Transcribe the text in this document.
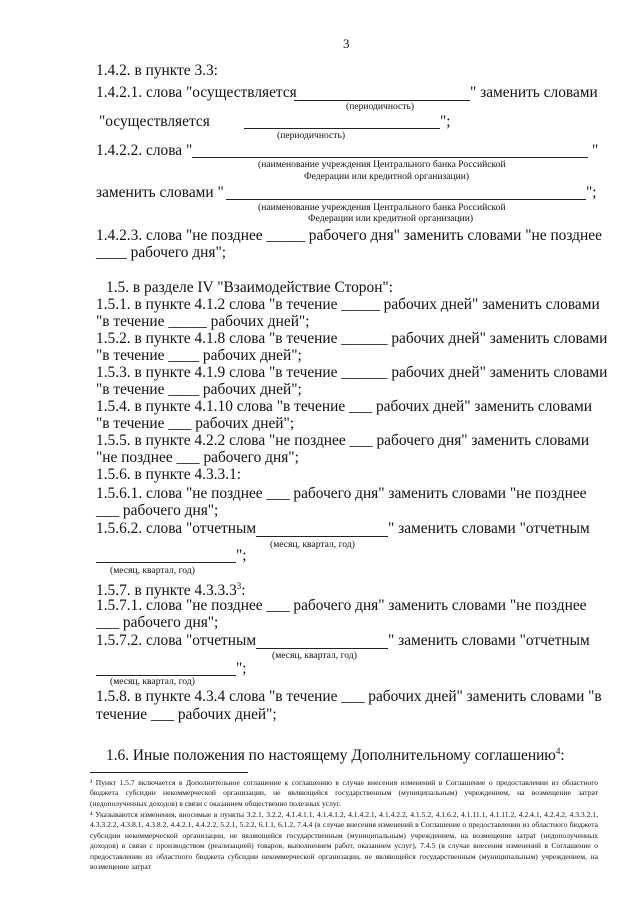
3
1.4.2. в пункте 3.3:
1.4.2.1. слова "осуществляется	" заменить словами
(периодичность)
"осуществляется	";
(периодичность)
1.4.2.2. слова "	"
(наименование учреждения Центрального банка Российской
Федерации или кредитной организации)
заменить словами "	";
(наименование учреждения Центрального банка Российской
Федерации или кредитной организации)
1.4.2.3. слова "не позднее _____ рабочего дня" заменить словами "не позднее
____ рабочего дня";
1.5. в разделе IV "Взаимодействие Сторон":
1.5.1. в пункте 4.1.2 слова "в течение _____ рабочих дней" заменить словами
"в течение _____ рабочих дней";
1.5.2. в пункте 4.1.8 слова "в течение ______ рабочих дней" заменить словами
"в течение ____ рабочих дней";
1.5.3. в пункте 4.1.9 слова "в течение ______ рабочих дней" заменить словами
"в течение ____ рабочих дней";
1.5.4. в пункте 4.1.10 слова "в течение ___ рабочих дней" заменить словами
"в течение ___ рабочих дней";
1.5.5. в пункте 4.2.2 слова "не позднее ___ рабочего дня" заменить словами
"не позднее ___ рабочего дня";
1.5.6. в пункте 4.3.3.1:
1.5.6.1. слова "не позднее ___ рабочего дня" заменить словами "не позднее
___ рабочего дня";
1.5.6.2. слова "отчетным	" заменить словами "отчетным
(месяц, квартал, год)
";
(месяц, квартал, год)
1.5.7. в пункте 4.3.3.3$^3$:
1.5.7.1. слова "не позднее ___ рабочего дня" заменить словами "не позднее
___ рабочего дня";
1.5.7.2. слова "отчетным	" заменить словами "отчетным
(месяц, квартал, год)
";
(месяц, квартал, год)
1.5.8. в пункте 4.3.4 слова "в течение ___ рабочих дней" заменить словами "в
течение ___ рабочих дней";
1.6. Иные положения по настоящему Дополнительному соглашению$^4$:
³ Пункт 1.5.7 включается в Дополнительное соглашение к соглашению в случае внесения изменений в Соглашение о предоставлении из областного бюджета субсидии некоммерческой организации, не являющейся государственным (муниципальным) учреждением, на возмещение затрат (недополученных доходов) в связи с оказанием общественно полезных услуг.
⁴ Указываются изменения, вносимые в пункты 3.2.1, 3.2.2, 4.1.4.1.1, 4.1.4.1.2, 4.1.4.2.1, 4.1.4.2.2, 4.1.5.2, 4.1.6.2, 4.1.11.1, 4.1.11.2, 4.2.4.1, 4.2.4.2, 4.3.3.2.1, 4.3.3.2.2, 4.3.8.1, 4.3.8.2, 4.4.2.1, 4.4.2.2, 5.2.1, 5.2.2, 6.1.1, 6.1.2, 7.4.4 (в случае внесения изменений в Соглашение о предоставлении из областного бюджета субсидии некоммерческой организации, не являющейся государственным (муниципальным) учреждением, на возмещение затрат (недополученных доходов) в связи с производством (реализацией) товаров, выполнением работ, оказанием услуг), 7.4.5 (в случае внесения изменений в Соглашение о предоставлении из областного бюджета субсидии некоммерческой организации, не являющейся государственным (муниципальным) учреждением, на возмещение затрат
